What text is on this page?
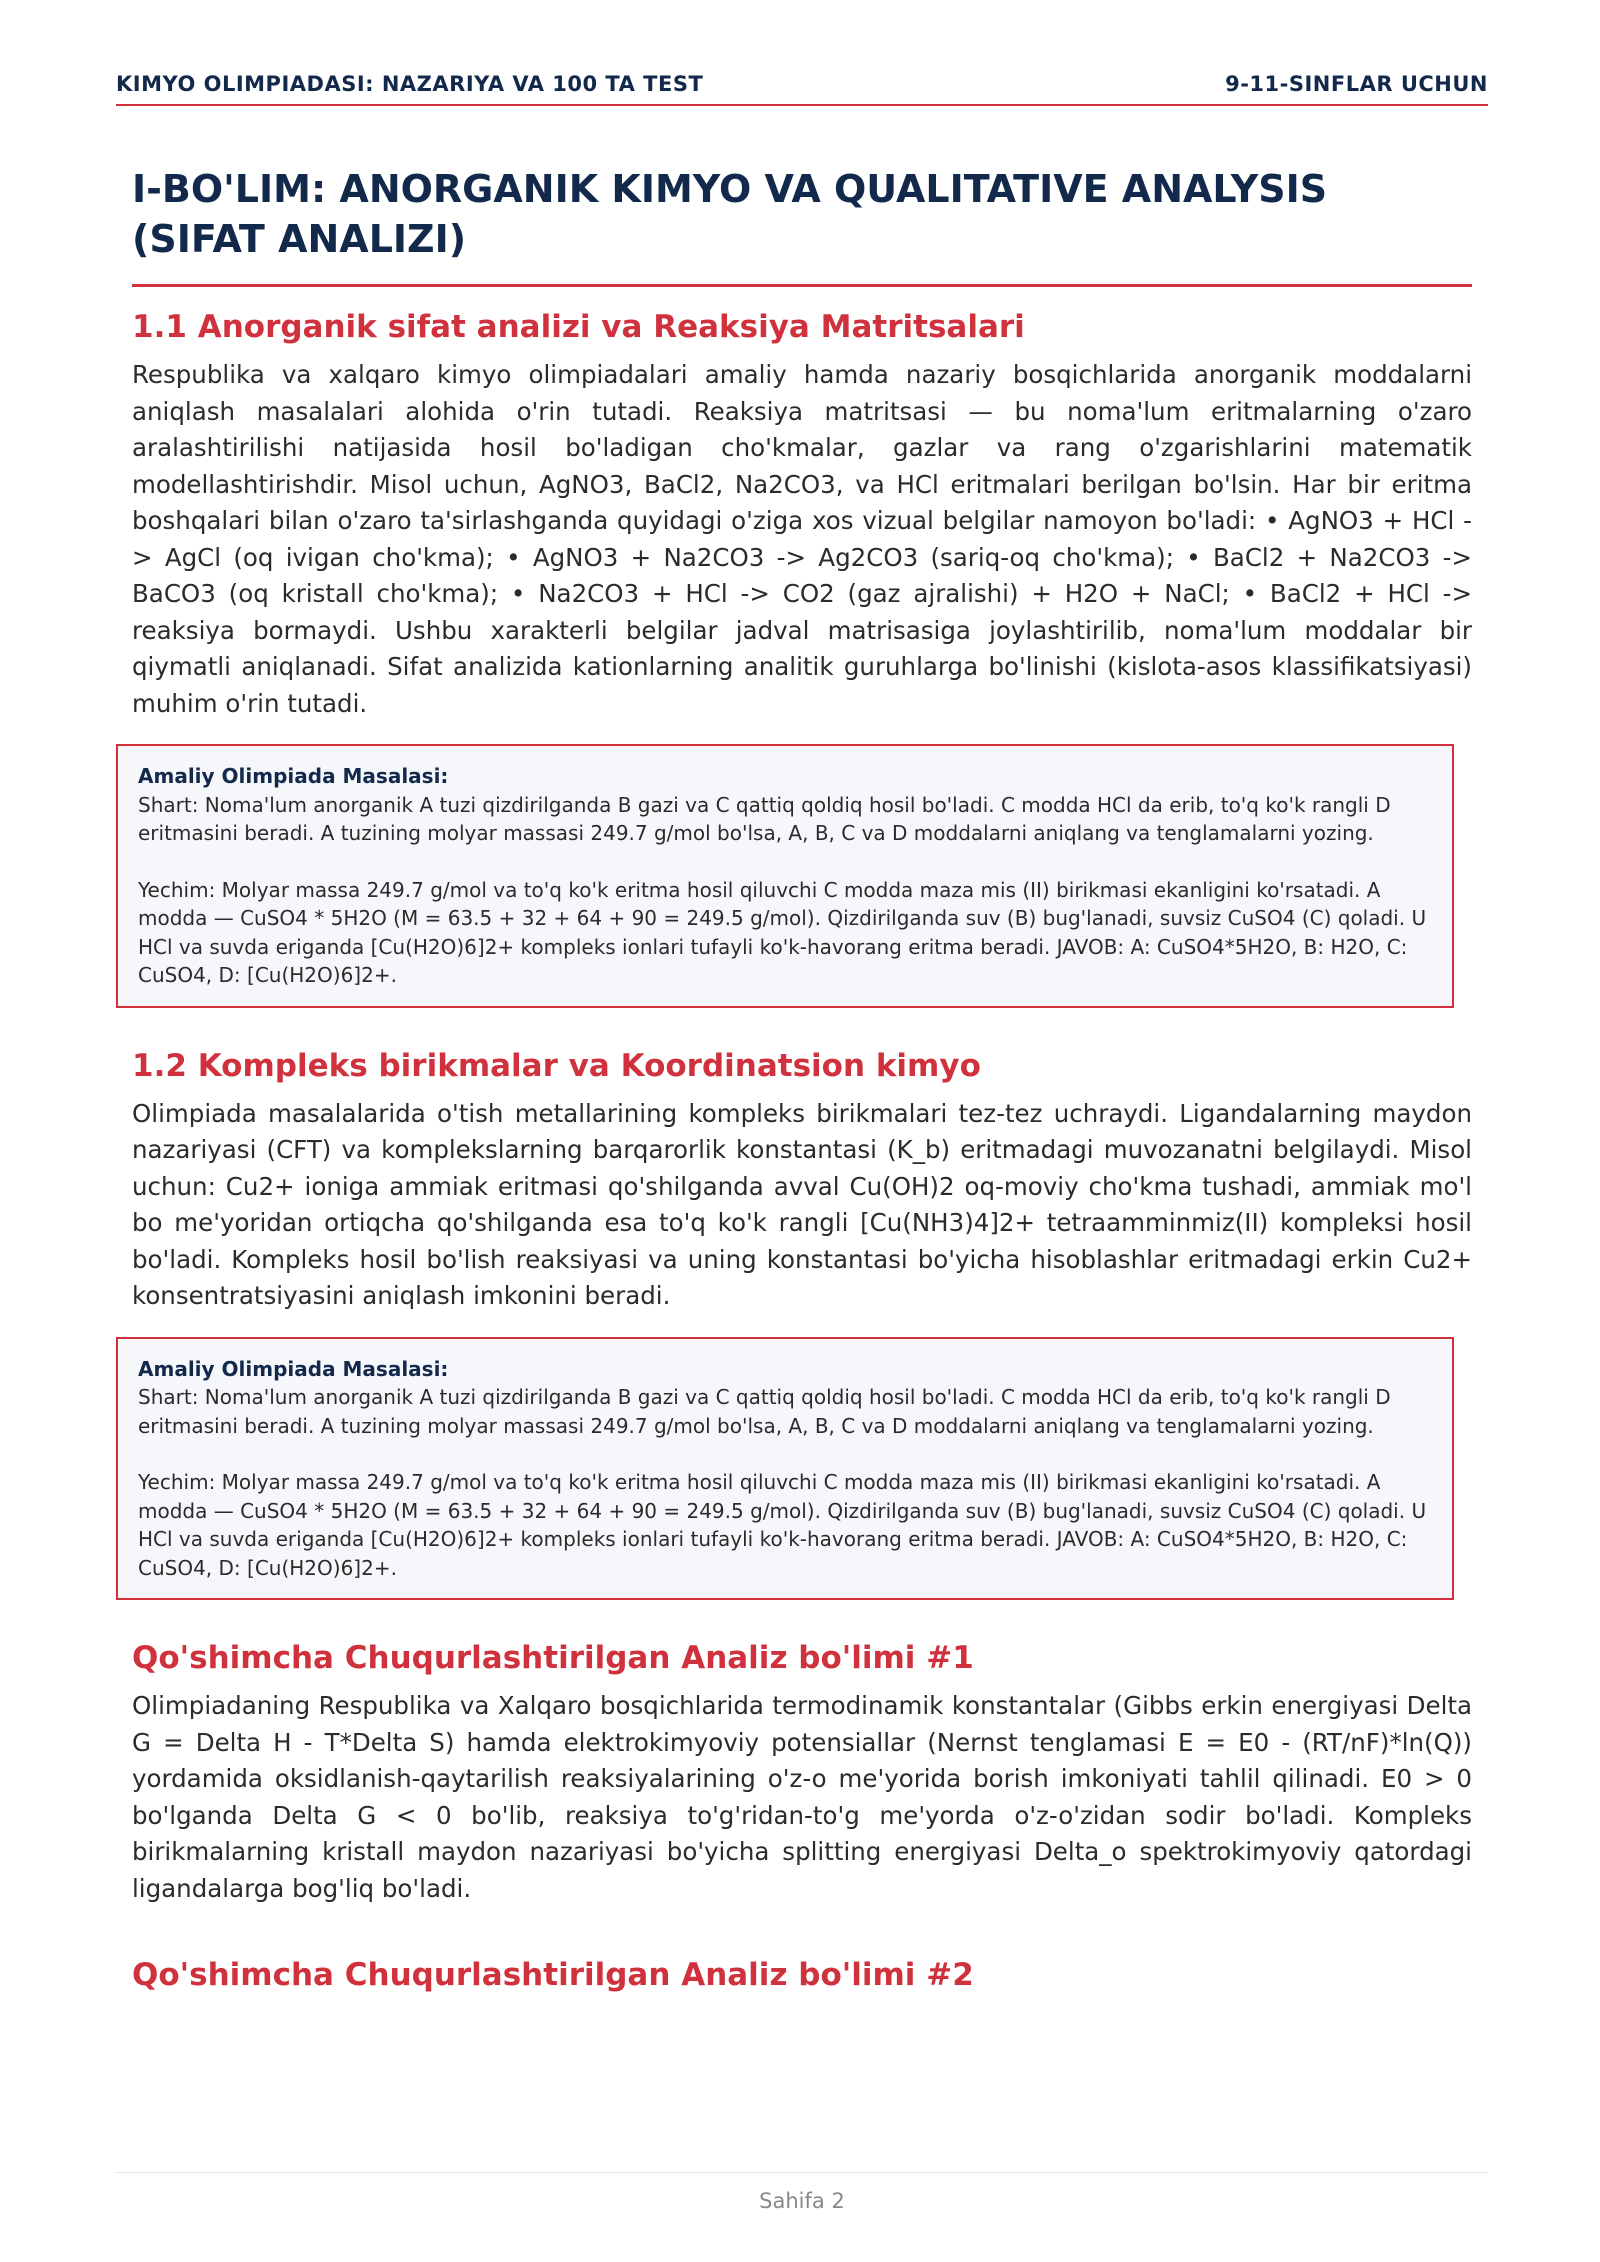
KIMYO OLIMPIADASI: NAZARIYA VA 100 TA TEST	9-11-SINFLAR UCHUN
I-BO'LIM: ANORGANIK KIMYO VA QUALITATIVE ANALYSIS (SIFAT ANALIZI)
1.1 Anorganik sifat analizi va Reaksiya Matritsalari

Respublika va xalqaro kimyo olimpiadalari amaliy hamda nazariy bosqichlarida anorganik moddalarni aniqlash masalalari alohida o'rin tutadi. Reaksiya matritsasi — bu noma'lum eritmalarning o'zaro aralashtirilishi natijasida hosil bo'ladigan cho'kmalar, gazlar va rang o'zgarishlarini matematik modellashtirishdir. Misol uchun, AgNO3, BaCl2, Na2CO3, va HCl eritmalari berilgan bo'lsin. Har bir eritma boshqalari bilan o'zaro ta'sirlashganda quyidagi o'ziga xos vizual belgilar namoyon bo'ladi: • AgNO3 + HCl -> AgCl (oq ivigan cho'kma); • AgNO3 + Na2CO3 -> Ag2CO3 (sariq-oq cho'kma); • BaCl2 + Na2CO3 -> BaCO3 (oq kristall cho'kma); • Na2CO3 + HCl -> CO2 (gaz ajralishi) + H2O + NaCl; • BaCl2 + HCl -> reaksiya bormaydi. Ushbu xarakterli belgilar jadval matrisasiga joylashtirilib, noma'lum moddalar bir qiymatli aniqlanadi. Sifat analizida kationlarning analitik guruhlarga bo'linishi (kislota-asos klassifikatsiyasi) muhim o'rin tutadi.

Amaliy Olimpiada Masalasi:

Shart: Noma'lum anorganik A tuzi qizdirilganda B gazi va C qattiq qoldiq hosil bo'ladi. C modda HCl da erib, to'q ko'k rangli D eritmasini beradi. A tuzining molyar massasi 249.7 g/mol bo'lsa, A, B, C va D moddalarni aniqlang va tenglamalarni yozing.

Yechim: Molyar massa 249.7 g/mol va to'q ko'k eritma hosil qiluvchi C modda maza mis (II) birikmasi ekanligini ko'rsatadi. A modda — CuSO4 * 5H2O (M = 63.5 + 32 + 64 + 90 = 249.5 g/mol). Qizdirilganda suv (B) bug'lanadi, suvsiz CuSO4 (C) qoladi. U HCl va suvda eriganda [Cu(H2O)6]2+ kompleks ionlari tufayli ko'k-havorang eritma beradi. JAVOB: A: CuSO4*5H2O, B: H2O, C: CuSO4, D: [Cu(H2O)6]2+.

1.2 Kompleks birikmalar va Koordinatsion kimyo

Olimpiada masalalarida o'tish metallarining kompleks birikmalari tez-tez uchraydi. Ligandalarning maydon nazariyasi (CFT) va komplekslarning barqarorlik konstantasi (K_b) eritmadagi muvozanatni belgilaydi. Misol uchun: Cu2+ ioniga ammiak eritmasi qo'shilganda avval Cu(OH)2 oq-moviy cho'kma tushadi, ammiak mo'l bo me'yoridan ortiqcha qo'shilganda esa to'q ko'k rangli [Cu(NH3)4]2+ tetraamminmiz(II) kompleksi hosil bo'ladi. Kompleks hosil bo'lish reaksiyasi va uning konstantasi bo'yicha hisoblashlar eritmadagi erkin Cu2+ konsentratsiyasini aniqlash imkonini beradi.

Amaliy Olimpiada Masalasi:

Shart: Noma'lum anorganik A tuzi qizdirilganda B gazi va C qattiq qoldiq hosil bo'ladi. C modda HCl da erib, to'q ko'k rangli D eritmasini beradi. A tuzining molyar massasi 249.7 g/mol bo'lsa, A, B, C va D moddalarni aniqlang va tenglamalarni yozing.

Yechim: Molyar massa 249.7 g/mol va to'q ko'k eritma hosil qiluvchi C modda maza mis (II) birikmasi ekanligini ko'rsatadi. A modda — CuSO4 * 5H2O (M = 63.5 + 32 + 64 + 90 = 249.5 g/mol). Qizdirilganda suv (B) bug'lanadi, suvsiz CuSO4 (C) qoladi. U HCl va suvda eriganda [Cu(H2O)6]2+ kompleks ionlari tufayli ko'k-havorang eritma beradi. JAVOB: A: CuSO4*5H2O, B: H2O, C: CuSO4, D: [Cu(H2O)6]2+.

Qo'shimcha Chuqurlashtirilgan Analiz bo'limi #1

Olimpiadaning Respublika va Xalqaro bosqichlarida termodinamik konstantalar (Gibbs erkin energiyasi Delta G = Delta H - T*Delta S) hamda elektrokimyoviy potensiallar (Nernst tenglamasi E = E0 - (RT/nF)*ln(Q)) yordamida oksidlanish-qaytarilish reaksiyalarining o'z-o me'yorida borish imkoniyati tahlil qilinadi. E0 > 0 bo'lganda Delta G < 0 bo'lib, reaksiya to'g'ridan-to'g me'yorda o'z-o'zidan sodir bo'ladi. Kompleks birikmalarning kristall maydon nazariyasi bo'yicha splitting energiyasi Delta_o spektrokimyoviy qatordagi ligandalarga bog'liq bo'ladi.

Qo'shimcha Chuqurlashtirilgan Analiz bo'limi #2
Sahifa 2
